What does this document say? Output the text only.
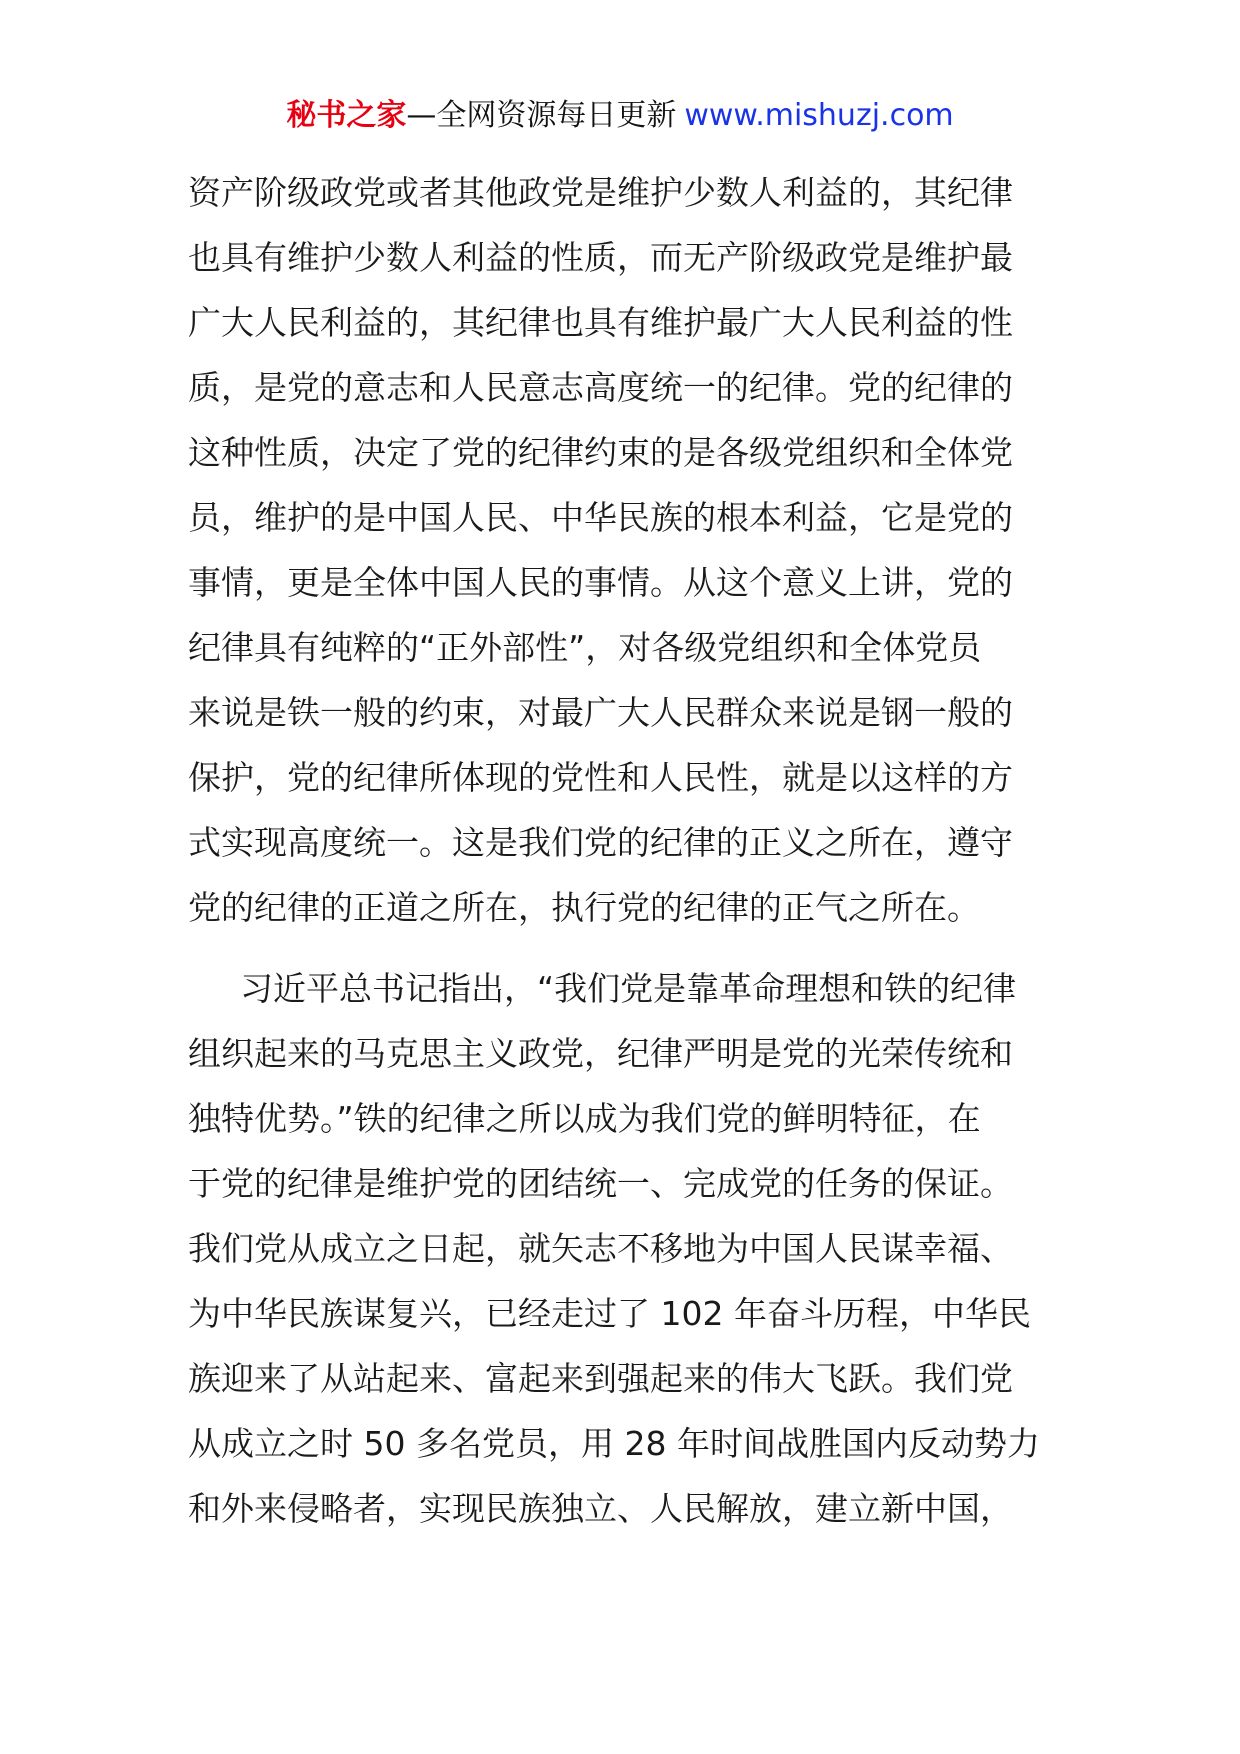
秘书之家—全网资源每日更新 www.mishuzj.com
资产阶级政党或者其他政党是维护少数人利益的，其纪律
也具有维护少数人利益的性质，而无产阶级政党是维护最
广大人民利益的，其纪律也具有维护最广大人民利益的性
质，是党的意志和人民意志高度统一的纪律。党的纪律的
这种性质，决定了党的纪律约束的是各级党组织和全体党
员，维护的是中国人民、中华民族的根本利益，它是党的
事情，更是全体中国人民的事情。从这个意义上讲，党的
纪律具有纯粹的“正外部性”，对各级党组织和全体党员
来说是铁一般的约束，对最广大人民群众来说是钢一般的
保护，党的纪律所体现的党性和人民性，就是以这样的方
式实现高度统一。这是我们党的纪律的正义之所在，遵守
党的纪律的正道之所在，执行党的纪律的正气之所在。
习近平总书记指出，“我们党是靠革命理想和铁的纪律
组织起来的马克思主义政党，纪律严明是党的光荣传统和
独特优势。”铁的纪律之所以成为我们党的鲜明特征，在
于党的纪律是维护党的团结统一、完成党的任务的保证。
我们党从成立之日起，就矢志不移地为中国人民谋幸福、
为中华民族谋复兴，已经走过了 102 年奋斗历程，中华民
族迎来了从站起来、富起来到强起来的伟大飞跃。我们党
从成立之时 50 多名党员，用 28 年时间战胜国内反动势力
和外来侵略者，实现民族独立、人民解放，建立新中国，
